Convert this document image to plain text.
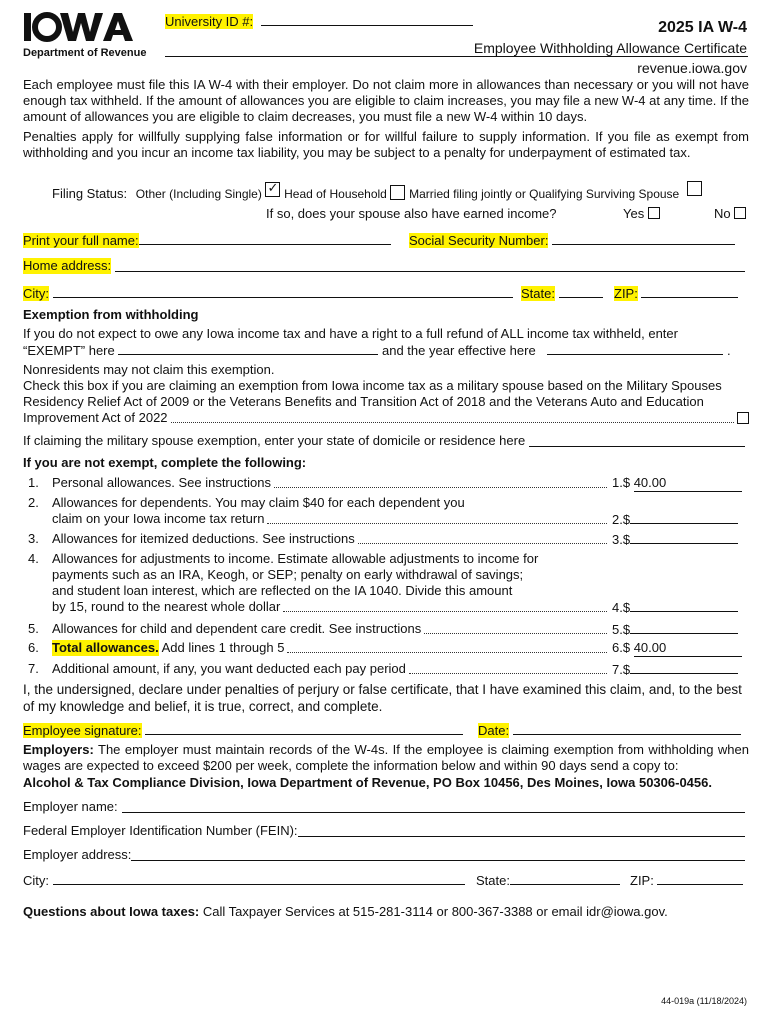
Department of Revenue
University ID #:	2025 IA W-4
Employee Withholding Allowance Certificate
revenue.iowa.gov
Each employee must file this IA W-4 with their employer. Do not claim more in allowances than necessary or you will not have enough tax withheld. If the amount of allowances you are eligible to claim increases, you may file a new W-4 at any time. If the amount of allowances you are eligible to claim decreases, you must file a new W-4 within 10 days.
Penalties apply for willfully supplying false information or for willful failure to supply information. If you file as exempt from withholding and you incur an income tax liability, you may be subject to a penalty for underpayment of estimated tax.
Filing Status: Other (Including Single) ✓ Head of Household Married filing jointly or Qualifying Surviving Spouse
If so, does your spouse also have earned income?	Yes	No
Print your full name:	Social Security Number:
Home address:
City:	State:	ZIP:
Exemption from withholding
If you do not expect to owe any Iowa income tax and have a right to a full refund of ALL income tax withheld, enter
“EXEMPT” here	and the year effective here	.
Nonresidents may not claim this exemption.
Check this box if you are claiming an exemption from Iowa income tax as a military spouse based on the Military Spouses
Residency Relief Act of 2009 or the Veterans Benefits and Transition Act of 2018 and the Veterans Auto and Education
Improvement Act of 2022
If claiming the military spouse exemption, enter your state of domicile or residence here
If you are not exempt, complete the following:
1. Personal allowances. See instructions	1.$ 40.00
2. Allowances for dependents. You may claim $40 for each dependent you
claim on your Iowa income tax return	2.$
3. Allowances for itemized deductions. See instructions	3.$
4. Allowances for adjustments to income. Estimate allowable adjustments to income for
payments such as an IRA, Keogh, or SEP; penalty on early withdrawal of savings;
and student loan interest, which are reflected on the IA 1040. Divide this amount
by 15, round to the nearest whole dollar	4.$
5. Allowances for child and dependent care credit. See instructions	5.$
6. Total allowances. Add lines 1 through 5	6.$ 40.00
7. Additional amount, if any, you want deducted each pay period	7.$
I, the undersigned, declare under penalties of perjury or false certificate, that I have examined this claim, and, to the best of my knowledge and belief, it is true, correct, and complete.
Employee signature:	Date:
Employers: The employer must maintain records of the W-4s. If the employee is claiming exemption from withholding when wages are expected to exceed $200 per week, complete the information below and within 90 days send a copy to:
Alcohol & Tax Compliance Division, Iowa Department of Revenue, PO Box 10456, Des Moines, Iowa 50306-0456.
Employer name:
Federal Employer Identification Number (FEIN):
Employer address:
City:	State:	ZIP:
Questions about Iowa taxes: Call Taxpayer Services at 515-281-3114 or 800-367-3388 or email idr@iowa.gov.
44-019a (11/18/2024)
